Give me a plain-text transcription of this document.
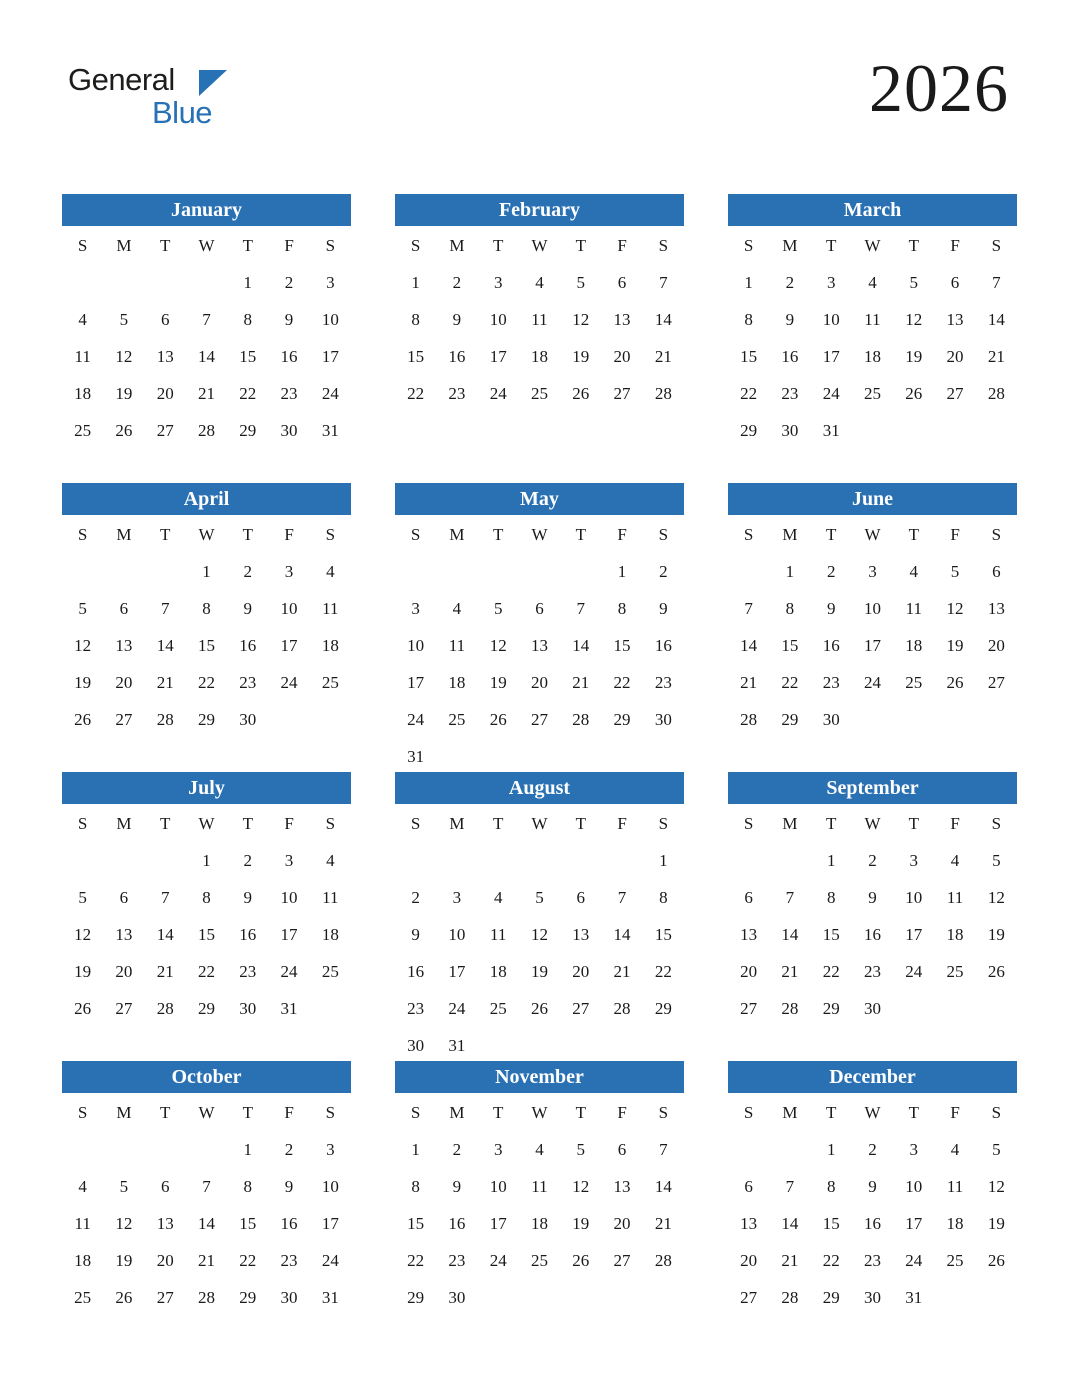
General
Blue	2026
January
S	M	T	W	T	F	S
				1	2	3
4	5	6	7	8	9	10
11	12	13	14	15	16	17
18	19	20	21	22	23	24
25	26	27	28	29	30	31

February
S	M	T	W	T	F	S
1	2	3	4	5	6	7
8	9	10	11	12	13	14
15	16	17	18	19	20	21
22	23	24	25	26	27	28

March
S	M	T	W	T	F	S
1	2	3	4	5	6	7
8	9	10	11	12	13	14
15	16	17	18	19	20	21
22	23	24	25	26	27	28
29	30	31				

April
S	M	T	W	T	F	S
			1	2	3	4
5	6	7	8	9	10	11
12	13	14	15	16	17	18
19	20	21	22	23	24	25
26	27	28	29	30		

May
S	M	T	W	T	F	S
					1	2
3	4	5	6	7	8	9
10	11	12	13	14	15	16
17	18	19	20	21	22	23
24	25	26	27	28	29	30
31						
June
S	M	T	W	T	F	S
	1	2	3	4	5	6
7	8	9	10	11	12	13
14	15	16	17	18	19	20
21	22	23	24	25	26	27
28	29	30				

July
S	M	T	W	T	F	S
			1	2	3	4
5	6	7	8	9	10	11
12	13	14	15	16	17	18
19	20	21	22	23	24	25
26	27	28	29	30	31	

August
S	M	T	W	T	F	S
						1
2	3	4	5	6	7	8
9	10	11	12	13	14	15
16	17	18	19	20	21	22
23	24	25	26	27	28	29
30	31					
September
S	M	T	W	T	F	S
		1	2	3	4	5
6	7	8	9	10	11	12
13	14	15	16	17	18	19
20	21	22	23	24	25	26
27	28	29	30			

October
S	M	T	W	T	F	S
				1	2	3
4	5	6	7	8	9	10
11	12	13	14	15	16	17
18	19	20	21	22	23	24
25	26	27	28	29	30	31

November
S	M	T	W	T	F	S
1	2	3	4	5	6	7
8	9	10	11	12	13	14
15	16	17	18	19	20	21
22	23	24	25	26	27	28
29	30					

December
S	M	T	W	T	F	S
		1	2	3	4	5
6	7	8	9	10	11	12
13	14	15	16	17	18	19
20	21	22	23	24	25	26
27	28	29	30	31		
